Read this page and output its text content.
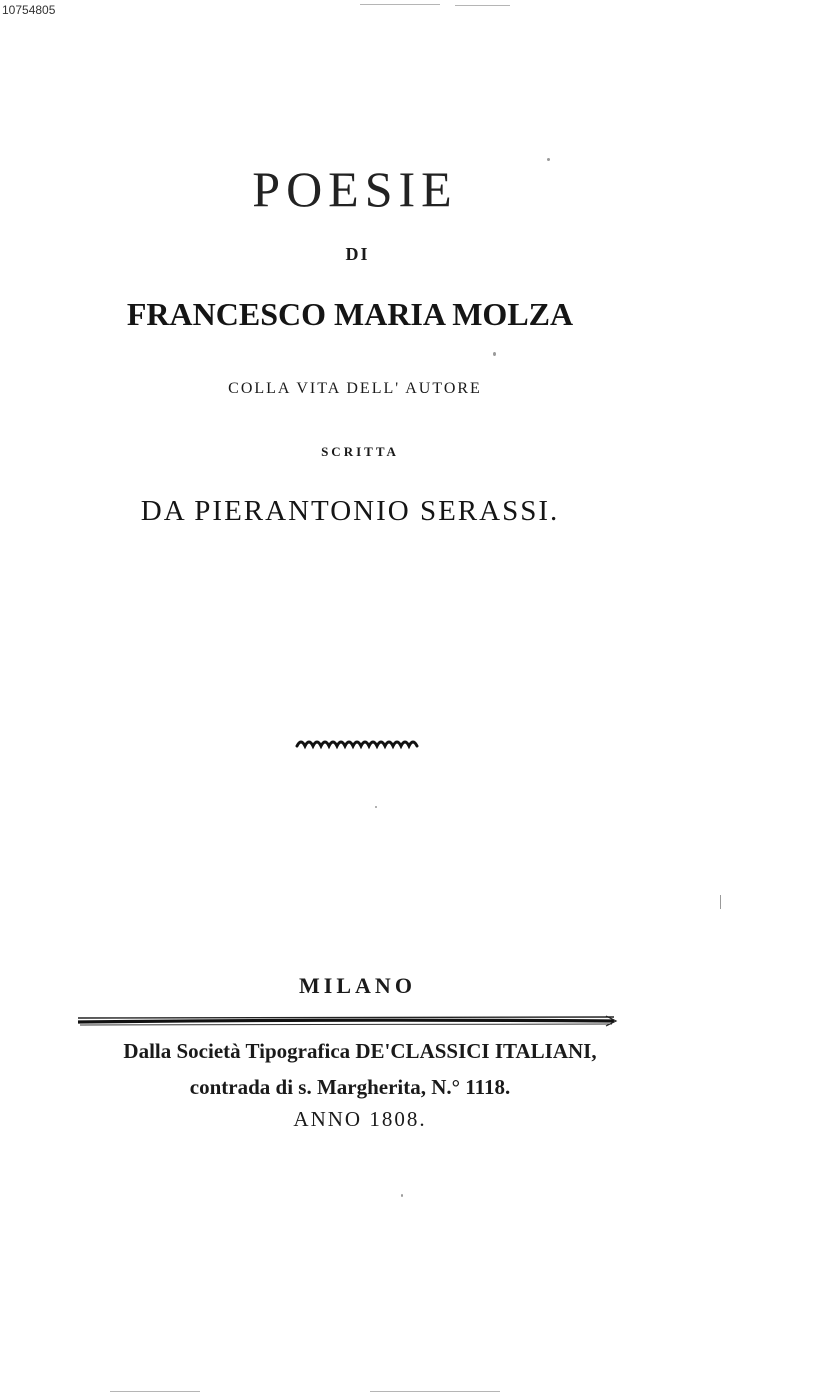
10754805
POESIE
DI
FRANCESCO MARIA MOLZA
COLLA VITA DELL' AUTORE
SCRITTA
DA PIERANTONIO SERASSI.
MILANO
Dalla Società Tipografica DE'CLASSICI ITALIANI,
contrada di s. Margherita, N.° 1118.
ANNO 1808.
